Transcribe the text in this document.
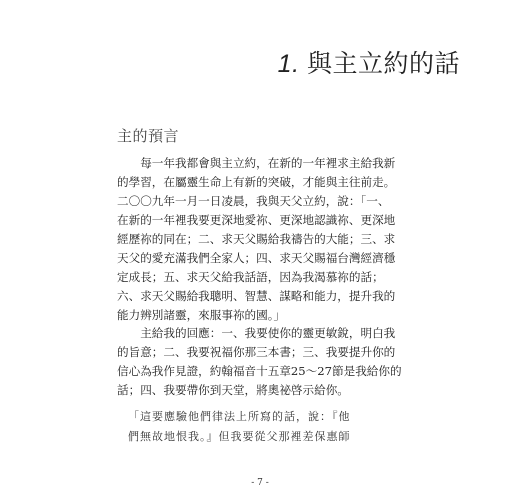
1. 與主立約的話
主的預言

　　每一年我都會與主立約，在新的一年裡求主給我新
的學習，在屬靈生命上有新的突破，才能與主往前走。
二〇〇九年一月一日凌晨，我與天父立約，說：「一、
在新的一年裡我要更深地愛祢、更深地認識祢、更深地
經歷祢的同在；二、求天父賜給我禱告的大能；三、求
天父的愛充滿我們全家人；四、求天父賜福台灣經濟穩
定成長；五、求天父給我話語，因為我渴慕祢的話；
六、求天父賜給我聰明、智慧、謀略和能力，提升我的
能力辨別諸靈，來服事祢的國。」

　　主給我的回應：一、我要使你的靈更敏銳，明白我
的旨意；二、我要祝福你那三本書；三、我要提升你的
信心為我作見證，約翰福音十五章25～27節是我給你的
話；四、我要帶你到天堂，將奧祕啓示給你。

「這要應驗他們律法上所寫的話，說：『他
們無故地恨我。』但我要從父那裡差保惠師
- 7 -
